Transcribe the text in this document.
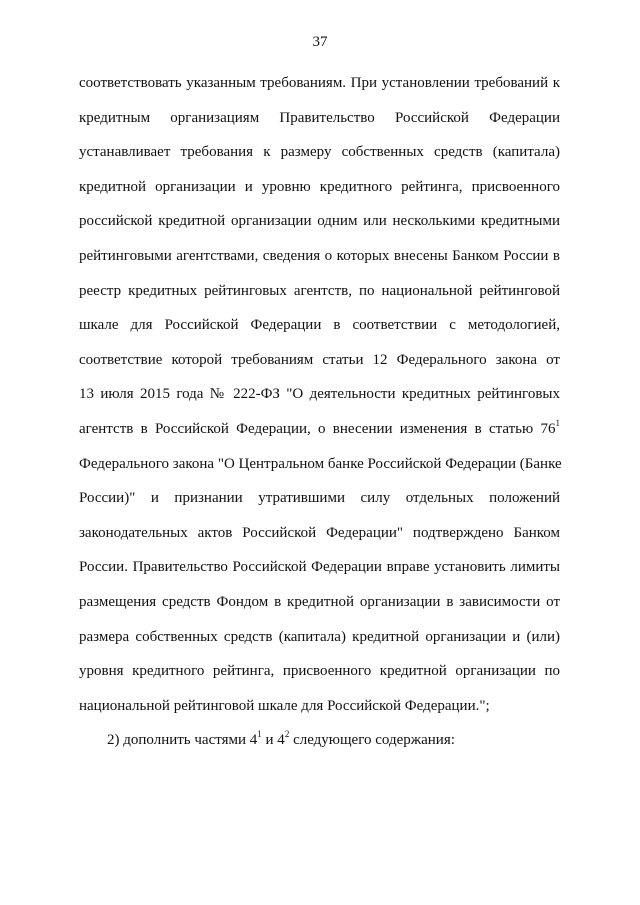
37
соответствовать указанным требованиям. При установлении требований к
кредитным организациям Правительство Российской Федерации
устанавливает требования к размеру собственных средств (капитала)
кредитной организации и уровню кредитного рейтинга, присвоенного
российской кредитной организации одним или несколькими кредитными
рейтинговыми агентствами, сведения о которых внесены Банком России в
реестр кредитных рейтинговых агентств, по национальной рейтинговой
шкале для Российской Федерации в соответствии с методологией,
соответствие которой требованиям статьи 12 Федерального закона от
13 июля 2015 года № 222-ФЗ "О деятельности кредитных рейтинговых
агентств в Российской Федерации, о внесении изменения в статью $76^1$
Федерального закона "О Центральном банке Российской Федерации (Банке
России)" и признании утратившими силу отдельных положений
законодательных актов Российской Федерации" подтверждено Банком
России. Правительство Российской Федерации вправе установить лимиты
размещения средств Фондом в кредитной организации в зависимости от
размера собственных средств (капитала) кредитной организации и (или)
уровня кредитного рейтинга, присвоенного кредитной организации по
национальной рейтинговой шкале для Российской Федерации.";
2) дополнить частями $4^1$ и $4^2$ следующего содержания:
